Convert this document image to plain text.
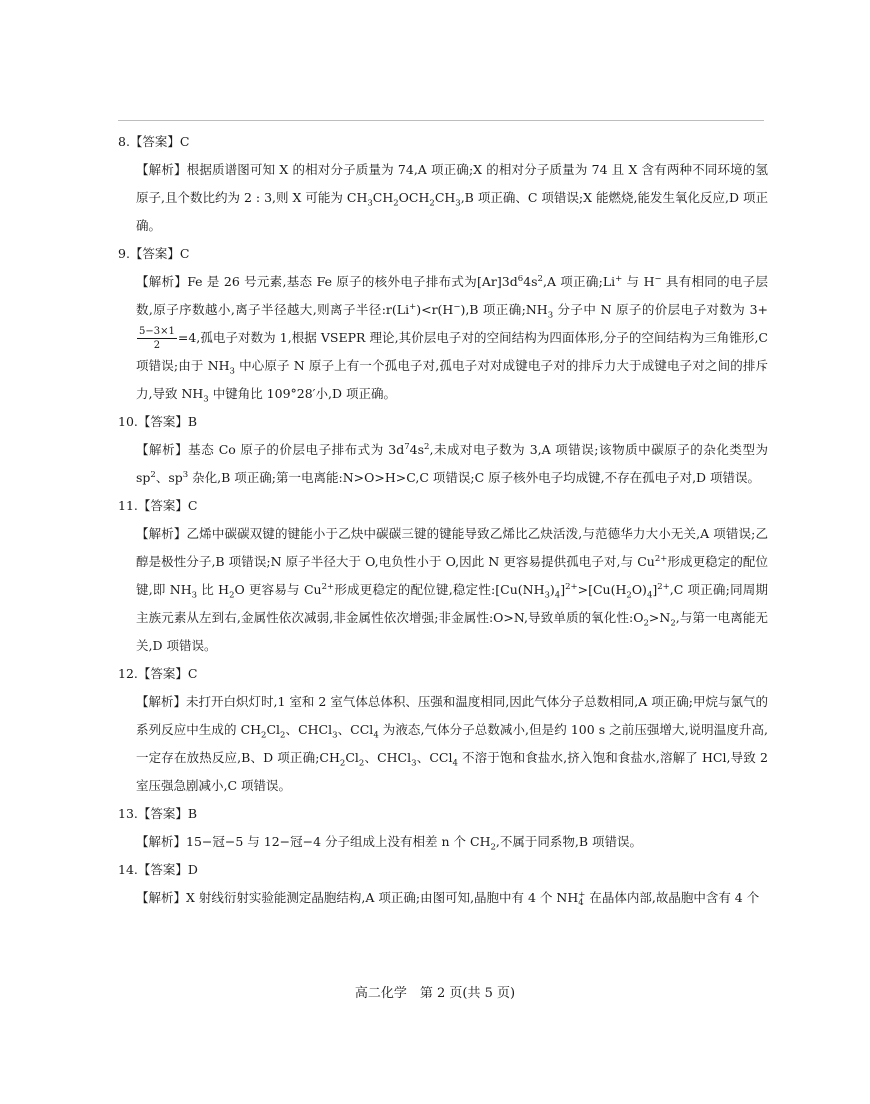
8.【答案】C

【解析】根据质谱图可知 X 的相对分子质量为 74,A 项正确;X 的相对分子质量为 74 且 X 含有两种不同环境的氢原子,且个数比约为 2 : 3,则 X 可能为 $CH_3CH_2OCH_2CH_3,B$ 项正确、C 项错误;X 能燃烧,能发生氧化反应,D 项正确。

9.【答案】C

【解析】Fe 是 26 号元素,基态 Fe 原子的核外电子排布式为$[Ar]3d^64s^2,A$ 项正确;Li+ 与 H− 具有相同的电子层数,原子序数越小,离子半径越大,则离子半径:r(Li+)<r(H−),B 项正确$;NH_3$ 分子中 N 原子的价层电子对数为 3+
$\frac{5-3\times 1}{2} =4$,孤电子对数为 1,根据 VSEPR 理论,其价层电子对的空间结构为四面体形,分子的空间结构为三角锥形,C 项错误;由于 $NH_3$ 中心原子 N 原子上有一个孤电子对,孤电子对对成键电子对的排斥力大于成键电子对之间的排斥力,导致 $NH_3$ 中键角比 109°28′小,D 项正确。

10.【答案】B

【解析】基态 Co 原子的价层电子排布式为 $3d^74s^2$,未成对电子数为 3,A 项错误;该物质中碳原子的杂化类型为 $sp^2$、$sp^3$ 杂化,B 项正确;第一电离能:N>O>H>C,C 项错误;C 原子核外电子均成键,不存在孤电子对,D 项错误。

11.【答案】C

【解析】乙烯中碳碳双键的键能小于乙炔中碳碳三键的键能导致乙烯比乙炔活泼,与范德华力大小无关,A 项错误;乙醇是极性分子,B 项错误;N 原子半径大于 O,电负性小于 O,因此 N 更容易提供孤电子对,与 $Cu^{2+}$形成更稳定的配位键,即 $NH_3$ 比 $H_2O$ 更容易与 $Cu^{2+}$形成更稳定的配位键,稳定性$:[Cu(NH_3)_4]^{2+}>[Cu(H_2O)_4]^{2+},C$ 项正确;同周期主族元素从左到右,金属性依次减弱,非金属性依次增强;非金属性:O>N,导致单质的氧化性$:O_2>N_2$,与第一电离能无关,D 项错误。

12.【答案】C

【解析】未打开白炽灯时,1 室和 2 室气体总体积、压强和温度相同,因此气体分子总数相同,A 项正确;甲烷与氯气的系列反应中生成的 $CH_2Cl_2$、CHCl$_3$、CCl$_4$ 为液态,气体分子总数减小,但是约 100 s 之前压强增大,说明温度升高,一定存在放热反应,B、D 项正确$;CH_2Cl_2$、CHCl$_3$、CCl$_4$ 不溶于饱和食盐水,挤入饱和食盐水,溶解了 HCl,导致 2 室压强急剧减小,C 项错误。

13.【答案】B

【解析】15−冠−5 与 12−冠−4 分子组成上没有相差 n 个 $CH_2$,不属于同系物,B 项错误。

14.【答案】D

【解析】X 射线衍射实验能测定晶胞结构,A 项正确;由图可知,晶胞中有 4 个 NH +
4 在晶体内部,故晶胞中含有 4 个

高二化学　第 2 页(共 5 页)
